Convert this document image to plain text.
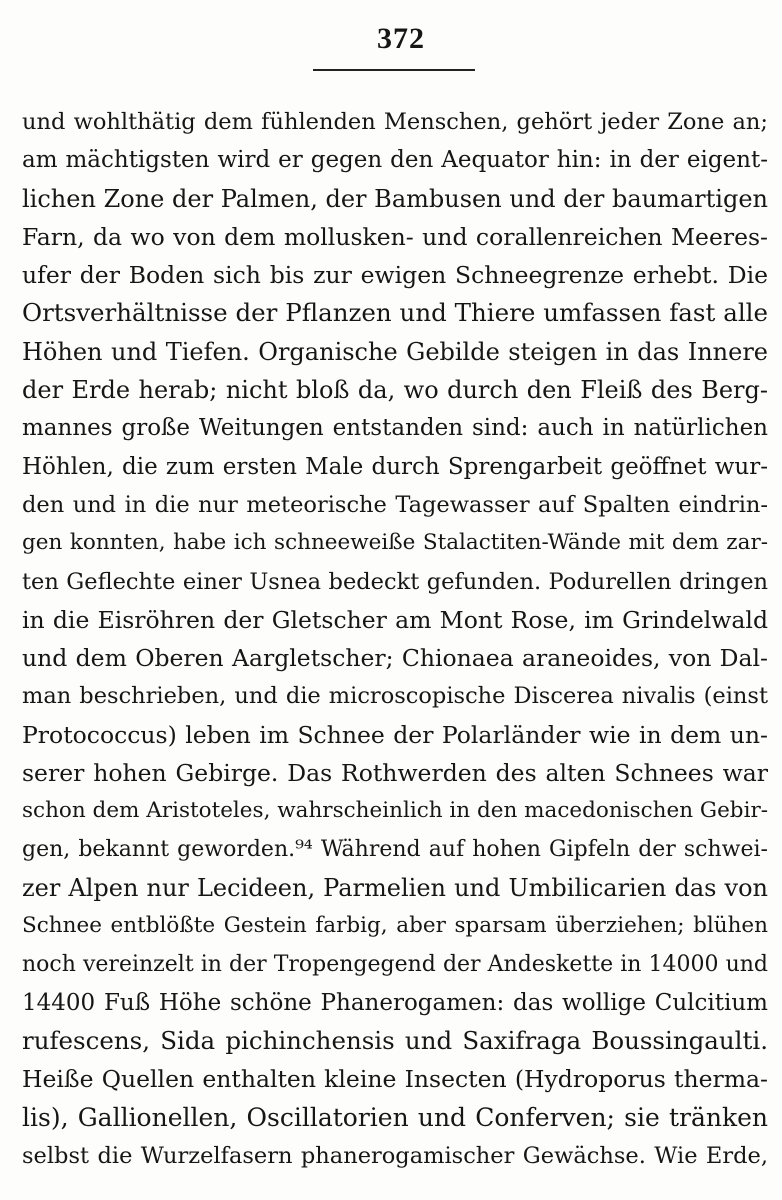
372
und wohlthätig dem fühlenden Menschen, gehört jeder Zone an;
am mächtigsten wird er gegen den Aequator hin: in der eigent-
lichen Zone der Palmen, der Bambusen und der baumartigen
Farn, da wo von dem mollusken- und corallenreichen Meeres-
ufer der Boden sich bis zur ewigen Schneegrenze erhebt. Die
Ortsverhältnisse der Pflanzen und Thiere umfassen fast alle
Höhen und Tiefen. Organische Gebilde steigen in das Innere
der Erde herab; nicht bloß da, wo durch den Fleiß des Berg-
mannes große Weitungen entstanden sind: auch in natürlichen
Höhlen, die zum ersten Male durch Sprengarbeit geöffnet wur-
den und in die nur meteorische Tagewasser auf Spalten eindrin-
gen konnten, habe ich schneeweiße Stalactiten-Wände mit dem zar-
ten Geflechte einer Usnea bedeckt gefunden. Podurellen dringen
in die Eisröhren der Gletscher am Mont Rose, im Grindelwald
und dem Oberen Aargletscher; Chionaea araneoides, von Dal-
man beschrieben, und die microscopische Discerea nivalis (einst
Protococcus) leben im Schnee der Polarländer wie in dem un-
serer hohen Gebirge. Das Rothwerden des alten Schnees war
schon dem Aristoteles, wahrscheinlich in den macedonischen Gebir-
gen, bekannt geworden.⁹⁴ Während auf hohen Gipfeln der schwei-
zer Alpen nur Lecideen, Parmelien und Umbilicarien das von
Schnee entblößte Gestein farbig, aber sparsam überziehen; blühen
noch vereinzelt in der Tropengegend der Andeskette in 14000 und
14400 Fuß Höhe schöne Phanerogamen: das wollige Culcitium
rufescens, Sida pichinchensis und Saxifraga Boussingaulti.
Heiße Quellen enthalten kleine Insecten (Hydroporus therma-
lis), Gallionellen, Oscillatorien und Conferven; sie tränken
selbst die Wurzelfasern phanerogamischer Gewächse. Wie Erde,
